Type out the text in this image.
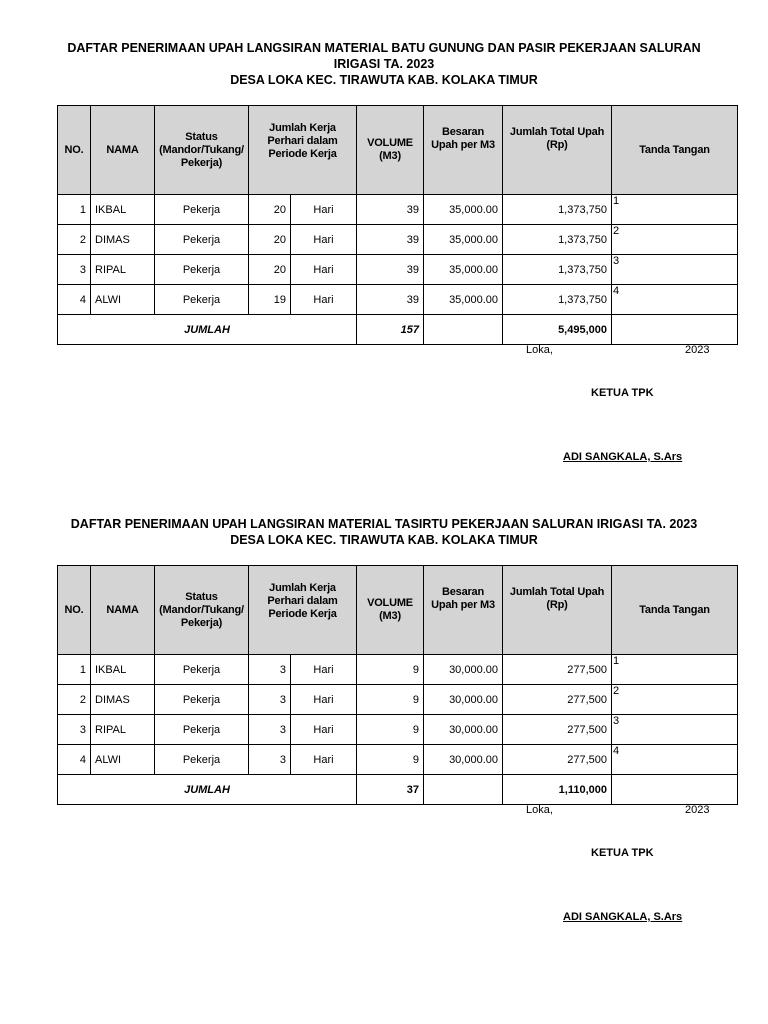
DAFTAR PENERIMAAN UPAH LANGSIRAN MATERIAL BATU GUNUNG DAN PASIR PEKERJAAN SALURAN
IRIGASI TA. 2023
DESA LOKA KEC. TIRAWUTA KAB. KOLAKA TIMUR
NO.	NAMA	Status (Mandor/Tukang/ Pekerja)	Jumlah Kerja Perhari dalam Periode Kerja		VOLUME (M3)	Besaran Upah per M3	Jumlah Total Upah (Rp)	Tanda Tangan
1	IKBAL	Pekerja	20	Hari	39	35,000.00	1,373,750	1
2	DIMAS	Pekerja	20	Hari	39	35,000.00	1,373,750	2
3	RIPAL	Pekerja	20	Hari	39	35,000.00	1,373,750	3
4	ALWI	Pekerja	19	Hari	39	35,000.00	1,373,750	4
JUMLAH					157		5,495,000	
Loka,	2023
KETUA TPK
ADI SANGKALA, S.Ars
DAFTAR PENERIMAAN UPAH LANGSIRAN MATERIAL TASIRTU PEKERJAAN SALURAN IRIGASI TA. 2023
DESA LOKA KEC. TIRAWUTA KAB. KOLAKA TIMUR
NO.	NAMA	Status (Mandor/Tukang/ Pekerja)	Jumlah Kerja Perhari dalam Periode Kerja		VOLUME (M3)	Besaran Upah per M3	Jumlah Total Upah (Rp)	Tanda Tangan
1	IKBAL	Pekerja	3	Hari	9	30,000.00	277,500	1
2	DIMAS	Pekerja	3	Hari	9	30,000.00	277,500	2
3	RIPAL	Pekerja	3	Hari	9	30,000.00	277,500	3
4	ALWI	Pekerja	3	Hari	9	30,000.00	277,500	4
JUMLAH					37		1,110,000	
Loka,	2023
KETUA TPK
ADI SANGKALA, S.Ars
